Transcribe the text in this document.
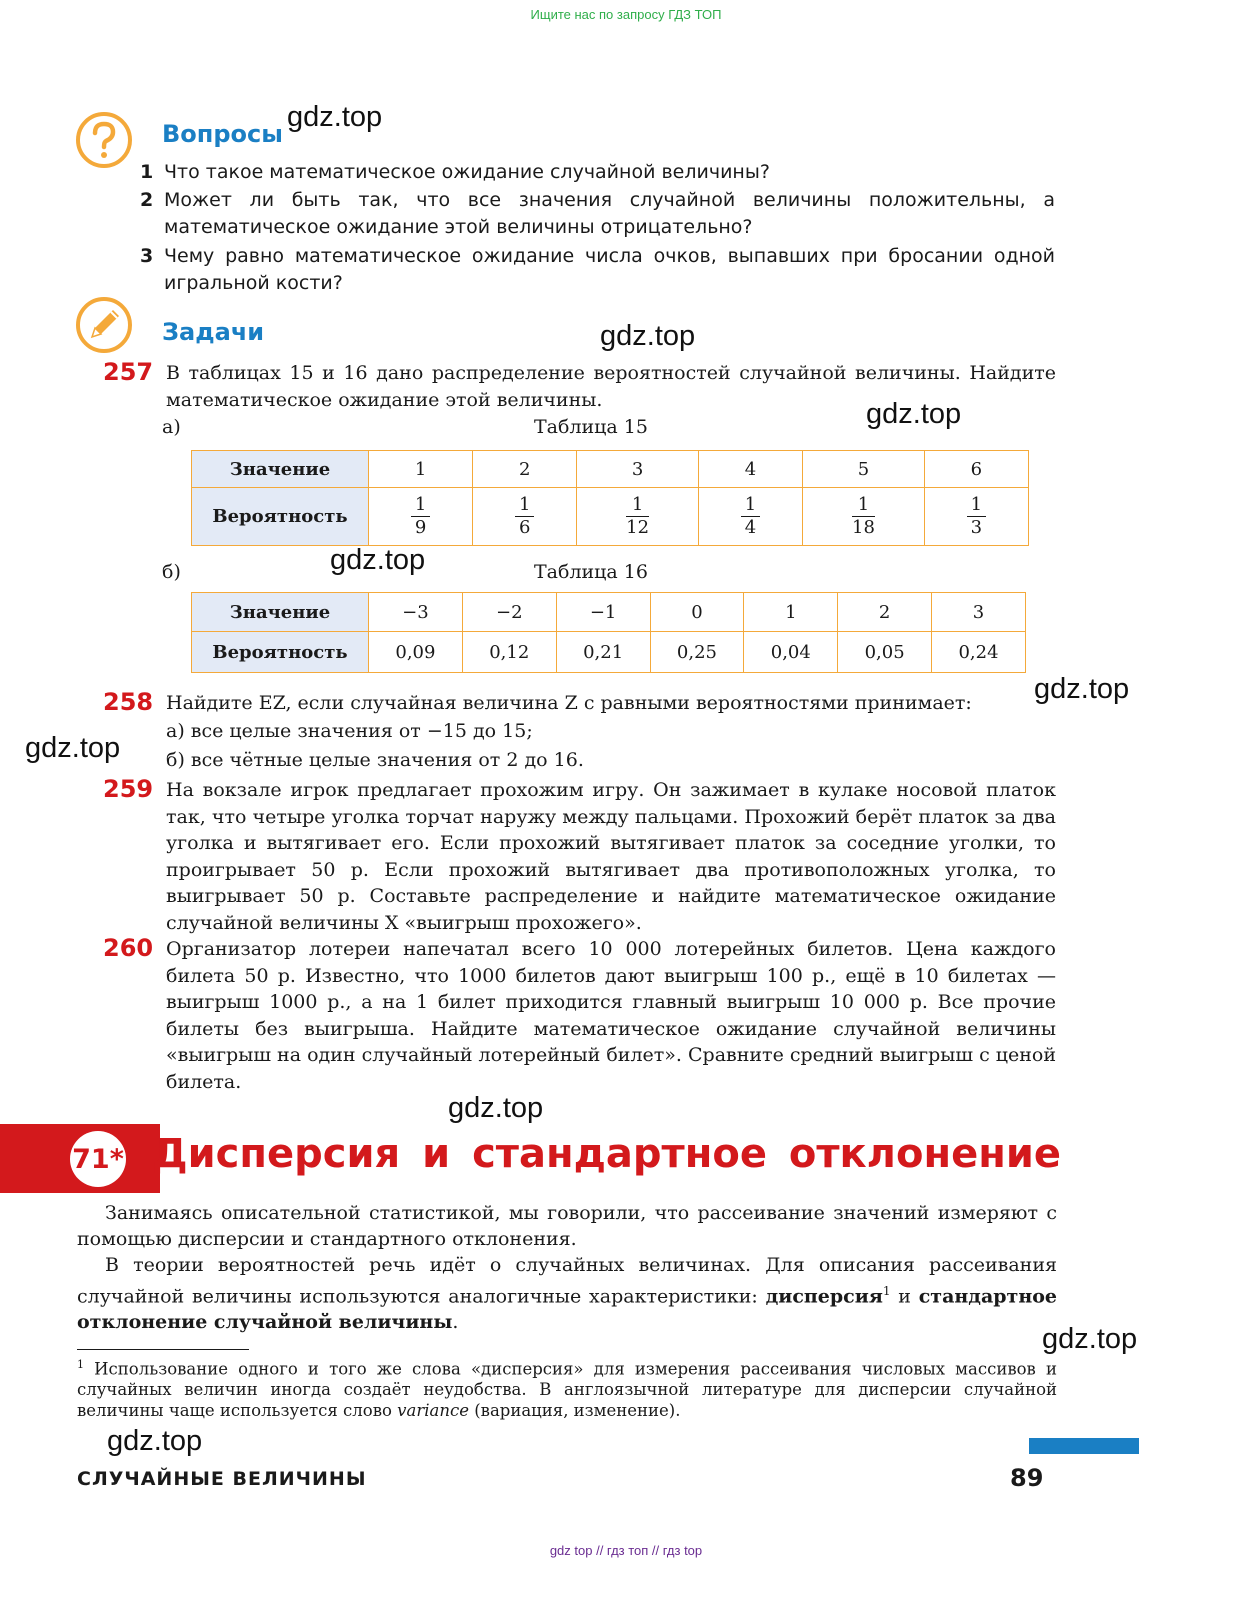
Ищите нас по запросу ГДЗ ТОП
Вопросы
1 Что такое математическое ожидание случайной величины?
2 Может ли быть так, что все значения случайной величины положительны, а математическое ожидание этой величины отрицательно?
3 Чему равно математическое ожидание числа очков, выпавших при бросании одной игральной кости?
Задачи
257 В таблицах 15 и 16 дано распределение вероятностей случайной величины. Найдите математическое ожидание этой величины.
а)	Таблица 15
Значение	1	2	3	4	5	6
Вероятность	$\frac{1}{9}$	$\frac{1}{6}$	$\frac{1}{12}$	$\frac{1}{4}$	$\frac{1}{18}$	$\frac{1}{3}$
б)	Таблица 16
Значение	−3	−2	−1	0	1	2	3
Вероятность	0,09	0,12	0,21	0,25	0,04	0,05	0,24
258 Найдите EZ, если случайная величина Z с равными вероятностями принимает:
а) все целые значения от −15 до 15;
б) все чётные целые значения от 2 до 16.
259 На вокзале игрок предлагает прохожим игру. Он зажимает в кулаке носовой платок так, что четыре уголка торчат наружу между пальцами. Прохожий берёт платок за два уголка и вытягивает его. Если прохожий вытягивает платок за соседние уголки, то проигрывает 50 р. Если прохожий вытягивает два противоположных уголка, то выигрывает 50 р. Составьте распределение и найдите математическое ожидание случайной величины X «выигрыш прохожего».
260 Организатор лотереи напечатал всего 10 000 лотерейных билетов. Цена каждого билета 50 р. Известно, что 1000 билетов дают выигрыш 100 р., ещё в 10 билетах — выигрыш 1000 р., а на 1 билет приходится главный выигрыш 10 000 р. Все прочие билеты без выигрыша. Найдите математическое ожидание случайной величины «выигрыш на один случайный лотерейный билет». Сравните средний выигрыш с ценой билета.
71* Дисперсия и стандартное отклонение
Занимаясь описательной статистикой, мы говорили, что рассеивание значений измеряют с помощью дисперсии и стандартного отклонения.
В теории вероятностей речь идёт о случайных величинах. Для описания рассеивания случайной величины используются аналогичные характеристики: дисперсия$^1$ и стандартное отклонение случайной величины.
$^1$ Использование одного и того же слова «дисперсия» для измерения рассеивания числовых массивов и случайных величин иногда создаёт неудобства. В англоязычной литературе для дисперсии случайной величины чаще используется слово variance (вариация, изменение).
СЛУЧАЙНЫЕ ВЕЛИЧИНЫ	89
gdz top // гдз топ // гдз top
gdz.top
gdz.top
gdz.top
gdz.top
gdz.top
gdz.top
gdz.top
gdz.top
gdz.top
